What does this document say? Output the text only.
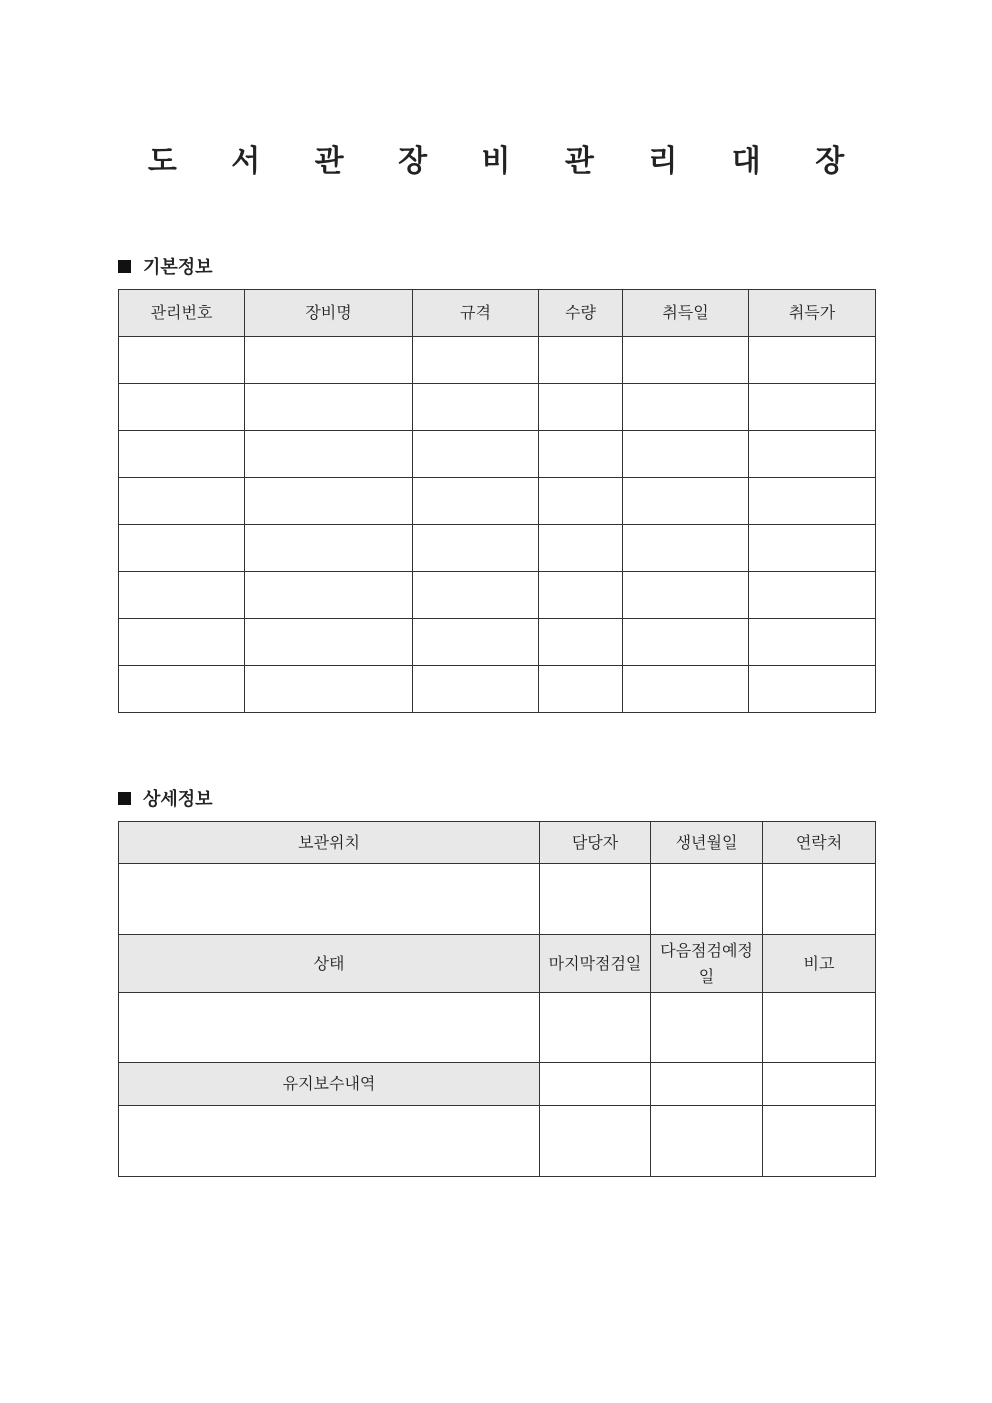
도 서 관 장 비 관 리 대 장
기본정보
관리번호	장비명	규격	수량	취득일	취득가

상세정보
보관위치	담당자	생년월일	연락처

상태	마지막점검일	다음점검예정일	비고

유지보수내역			
